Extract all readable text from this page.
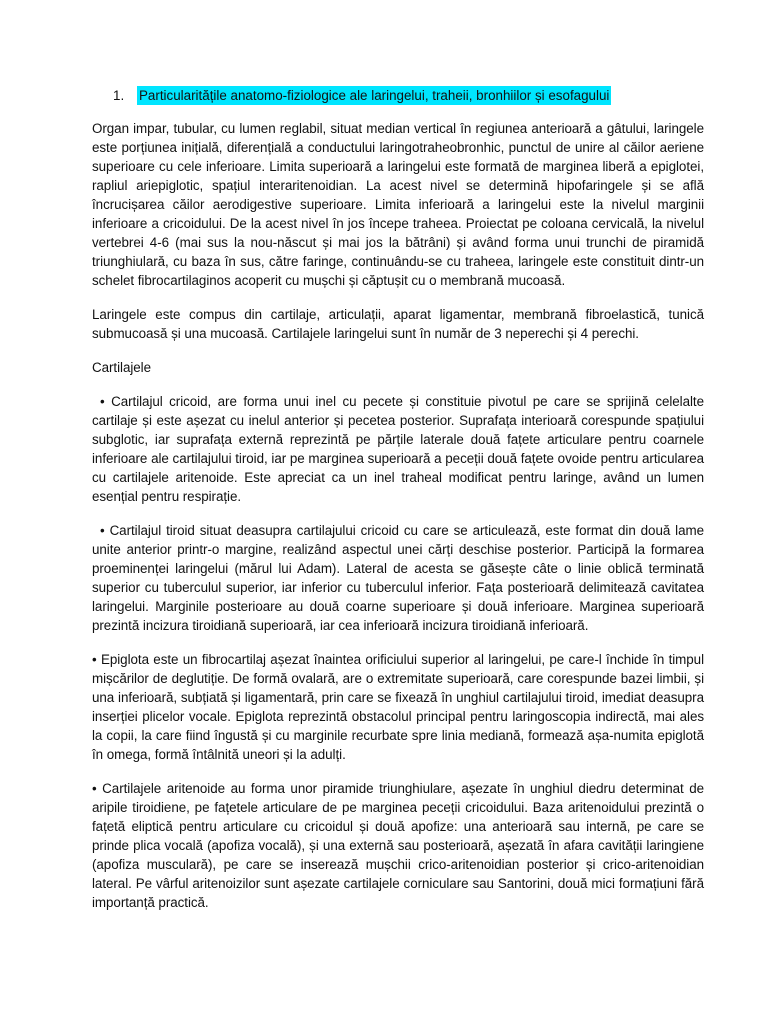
1.	Particularitățile anatomo-fiziologice ale laringelui, traheii, bronhiilor și esofagului

Organ impar, tubular, cu lumen reglabil, situat median vertical în regiunea anterioară a gâtului, laringele este porțiunea inițială, diferențială a conductului laringotraheobronhic, punctul de unire al căilor aeriene superioare cu cele inferioare. Limita superioară a laringelui este formată de marginea liberă a epiglotei, rapliul ariepiglotic, spațiul interaritenoidian. La acest nivel se determină hipofaringele și se află încrucișarea căilor aerodigestive superioare. Limita inferioară a laringelui este la nivelul marginii inferioare a cricoidului. De la acest nivel în jos începe traheea. Proiectat pe coloana cervicală, la nivelul vertebrei 4-6 (mai sus la nou-născut și mai jos la bătrâni) și având forma unui trunchi de piramidă triunghiulară, cu baza în sus, către faringe, continuându-se cu traheea, laringele este constituit dintr-un schelet fibrocartilaginos acoperit cu mușchi și căptușit cu o membrană mucoasă.

Laringele este compus din cartilaje, articulații, aparat ligamentar, membrană fibroelastică, tunică submucoasă și una mucoasă. Cartilajele laringelui sunt în număr de 3 neperechi și 4 perechi.

Cartilajele

• Cartilajul cricoid, are forma unui inel cu pecete și constituie pivotul pe care se sprijină celelalte cartilaje și este așezat cu inelul anterior și pecetea posterior. Suprafața interioară corespunde spațiului subglotic, iar suprafața externă reprezintă pe părțile laterale două fațete articulare pentru coarnele inferioare ale cartilajului tiroid, iar pe marginea superioară a peceții două fațete ovoide pentru articularea cu cartilajele aritenoide. Este apreciat ca un inel traheal modificat pentru laringe, având un lumen esențial pentru respirație.

• Cartilajul tiroid situat deasupra cartilajului cricoid cu care se articulează, este format din două lame unite anterior printr-o margine, realizând aspectul unei cărți deschise posterior. Participă la formarea proeminenței laringelui (mărul lui Adam). Lateral de acesta se găsește câte o linie oblică terminată superior cu tuberculul superior, iar inferior cu tuberculul inferior. Fața posterioară delimitează cavitatea laringelui. Marginile posterioare au două coarne superioare și două inferioare. Marginea superioară prezintă incizura tiroidiană superioară, iar cea inferioară incizura tiroidiană inferioară.

• Epiglota este un fibrocartilaj așezat înaintea orificiului superior al laringelui, pe care-l închide în timpul mișcărilor de deglutiție. De formă ovalară, are o extremitate superioară, care corespunde bazei limbii, și una inferioară, subțiată și ligamentară, prin care se fixează în unghiul cartilajului tiroid, imediat deasupra inserției plicelor vocale. Epiglota reprezintă obstacolul principal pentru laringoscopia indirectă, mai ales la copii, la care fiind îngustă și cu marginile recurbate spre linia mediană, formează așa-numita epiglotă în omega, formă întâlnită uneori și la adulți.

• Cartilajele aritenoide au forma unor piramide triunghiulare, așezate în unghiul diedru determinat de aripile tiroidiene, pe fațetele articulare de pe marginea peceții cricoidului. Baza aritenoidului prezintă o fațetă eliptică pentru articulare cu cricoidul și două apofize: una anterioară sau internă, pe care se prinde plica vocală (apofiza vocală), și una externă sau posterioară, așezată în afara cavității laringiene (apofiza musculară), pe care se inserează mușchii crico-aritenoidian posterior și crico-aritenoidian lateral. Pe vârful aritenoizilor sunt așezate cartilajele corniculare sau Santorini, două mici formațiuni fără importanță practică.
